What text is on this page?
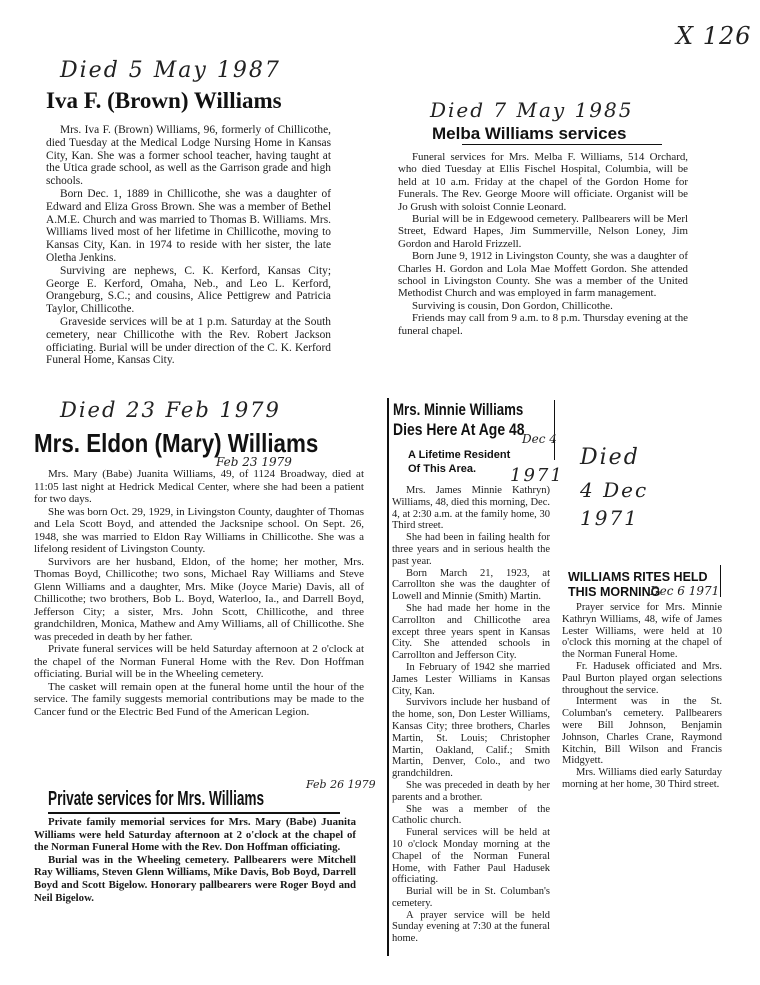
X 126
Died 5 May 1987
Iva F. (Brown) Williams

Mrs. Iva F. (Brown) Williams, 96, formerly of Chillicothe, died Tuesday at the Medical Lodge Nursing Home in Kansas City, Kan. She was a former school teacher, having taught at the Utica grade school, as well as the Garrison grade and high schools.

Born Dec. 1, 1889 in Chillicothe, she was a daughter of Edward and Eliza Gross Brown. She was a member of Bethel A.M.E. Church and was married to Thomas B. Williams. Mrs. Williams lived most of her lifetime in Chillicothe, moving to Kansas City, Kan. in 1974 to reside with her sister, the late Oletha Jenkins.

Surviving are nephews, C. K. Kerford, Kansas City; George E. Kerford, Omaha, Neb., and Leo L. Kerford, Orangeburg, S.C.; and cousins, Alice Pettigrew and Patricia Taylor, Chillicothe.

Graveside services will be at 1 p.m. Saturday at the South cemetery, near Chillicothe with the Rev. Robert Jackson officiating. Burial will be under direction of the C. K. Kerford Funeral Home, Kansas City.

Died 7 May 1985
Melba Williams services

Funeral services for Mrs. Melba F. Williams, 514 Orchard, who died Tuesday at Ellis Fischel Hospital, Columbia, will be held at 10 a.m. Friday at the chapel of the Gordon Home for Funerals. The Rev. George Moore will officiate. Organist will be Jo Grush with soloist Connie Leonard.

Burial will be in Edgewood cemetery. Pallbearers will be Merl Street, Edward Hapes, Jim Summerville, Nelson Loney, Jim Gordon and Harold Frizzell.

Born June 9, 1912 in Livingston County, she was a daughter of Charles H. Gordon and Lola Mae Moffett Gordon. She attended school in Livingston County. She was a member of the United Methodist Church and was employed in farm management.

Surviving is cousin, Don Gordon, Chillicothe.

Friends may call from 9 a.m. to 8 p.m. Thursday evening at the funeral chapel.

Died 23 Feb 1979
Mrs. Eldon (Mary) Williams
Feb 23 1979

Mrs. Mary (Babe) Juanita Williams, 49, of 1124 Broadway, died at 11:05 last night at Hedrick Medical Center, where she had been a patient for two days.

She was born Oct. 29, 1929, in Livingston County, daughter of Thomas and Lela Scott Boyd, and attended the Jacksnipe school. On Sept. 26, 1948, she was married to Eldon Ray Williams in Chillicothe. She was a lifelong resident of Livingston County.

Survivors are her husband, Eldon, of the home; her mother, Mrs. Thomas Boyd, Chillicothe; two sons, Michael Ray Williams and Steve Glenn Williams and a daughter, Mrs. Mike (Joyce Marie) Davis, all of Chillicothe; two brothers, Bob L. Boyd, Waterloo, Ia., and Darrell Boyd, Jefferson City; a sister, Mrs. John Scott, Chillicothe, and three grandchildren, Monica, Mathew and Amy Williams, all of Chillicothe. She was preceded in death by her father.

Private funeral services will be held Saturday afternoon at 2 o'clock at the chapel of the Norman Funeral Home with the Rev. Don Hoffman officiating. Burial will be in the Wheeling cemetery.

The casket will remain open at the funeral home until the hour of the service. The family suggests memorial contributions may be made to the Cancer fund or the Electric Bed Fund of the American Legion.

Private services for Mrs. Williams
Feb 26 1979

Private family memorial services for Mrs. Mary (Babe) Juanita Williams were held Saturday afternoon at 2 o'clock at the chapel of the Norman Funeral Home with the Rev. Don Hoffman officiating.

Burial was in the Wheeling cemetery. Pallbearers were Mitchell Ray Williams, Steven Glenn Williams, Mike Davis, Bob Boyd, Darrell Boyd and Scott Bigelow. Honorary pallbearers were Roger Boyd and Neil Bigelow.

Mrs. Minnie Williams
Dies Here At Age 48
Dec 4
1971
A Lifetime Resident
Of This Area.

Mrs. James Minnie Kathryn) Williams, 48, died this morning, Dec. 4, at 2:30 a.m. at the family home, 30 Third street.

She had been in failing health for three years and in serious health the past year.

Born March 21, 1923, at Carrollton she was the daughter of Lowell and Minnie (Smith) Martin.

She had made her home in the Carrollton and Chillicothe area except three years spent in Kansas City. She attended schools in Carrollton and Jefferson City.

In February of 1942 she married James Lester Williams in Kansas City, Kan.

Survivors include her husband of the home, son, Don Lester Williams, Kansas City; three brothers, Charles Martin, St. Louis; Christopher Martin, Oakland, Calif.; Smith Martin, Denver, Colo., and two grandchildren.

She was preceded in death by her parents and a brother.

She was a member of the Catholic church.

Funeral services will be held at 10 o'clock Monday morning at the Chapel of the Norman Funeral Home, with Father Paul Hadusek officiating.

Burial will be in St. Columban's cemetery.

A prayer service will be held Sunday evening at 7:30 at the funeral home.

Died
4 Dec
1971
WILLIAMS RITES HELD
THIS MORNING
Dec 6 1971

Prayer service for Mrs. Minnie Kathryn Williams, 48, wife of James Lester Williams, were held at 10 o'clock this morning at the chapel of the Norman Funeral Home.

Fr. Hadusek officiated and Mrs. Paul Burton played organ selections throughout the service.

Interment was in the St. Columban's cemetery. Pallbearers were Bill Johnson, Benjamin Johnson, Charles Crane, Raymond Kitchin, Bill Wilson and Francis Midgyett.

Mrs. Williams died early Saturday morning at her home, 30 Third street.
